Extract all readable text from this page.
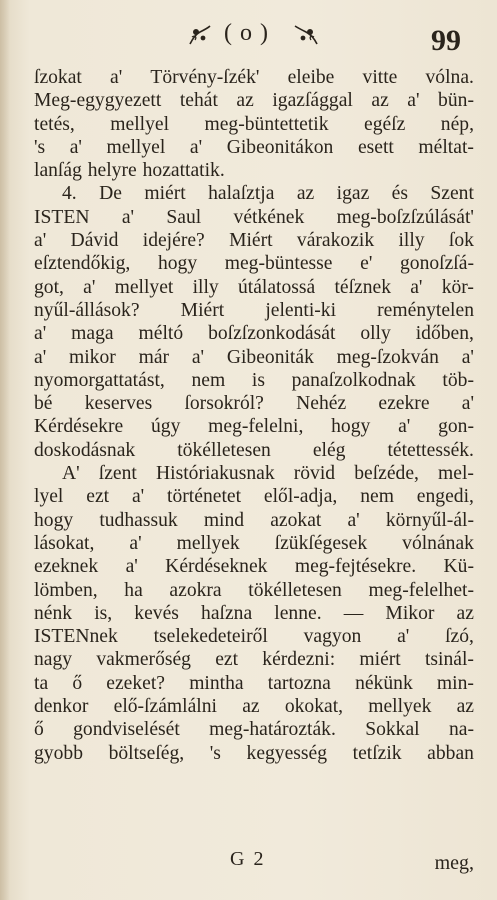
( o )	99
ſzokat a' Törvény-ſzék' eleibe vitte vólna.
Meg-egygyezett tehát az igazſággal az a' bün-
tetés, mellyel meg-büntettetik egéſz nép,
's a' mellyel a' Gibeonitákon esett méltat-
lanſág helyre hozattatik.
4. De miért halaſztja az igaz és Szent
ISTEN a' Saul vétkének meg-boſzſzúlását'
a' Dávid idejére? Miért várakozik illy ſok
eſztendőkig, hogy meg-büntesse e' gonoſzſá-
got, a' mellyet illy útálatossá téſznek a' kör-
nyűl-állások? Miért jelenti-ki reménytelen
a' maga méltó boſzſzonkodását olly időben,
a' mikor már a' Gibeoniták meg-ſzokván a'
nyomorgattatást, nem is panaſzolkodnak töb-
bé keserves ſorsokról? Nehéz ezekre a'
Kérdésekre úgy meg-felelni, hogy a' gon-
doskodásnak tökélletesen elég tétettessék.
A' ſzent Históriakusnak rövid beſzéde, mel-
lyel ezt a' történetet elől-adja, nem engedi,
hogy tudhassuk mind azokat a' környűl-ál-
lásokat, a' mellyek ſzükſégesek vólnának
ezeknek a' Kérdéseknek meg-fejtésekre. Kü-
lömben, ha azokra tökélletesen meg-felelhet-
nénk is, kevés haſzna lenne. — Mikor az
ISTENnek tselekedeteiről vagyon a' ſzó,
nagy vakmerőség ezt kérdezni: miért tsinál-
ta ő ezeket? mintha tartozna nékünk min-
denkor elő-ſzámlálni az okokat, mellyek az
ő gondviselését meg-határozták. Sokkal na-
gyobb böltseſég, 's kegyesség tetſzik abban
G 2	meg,
